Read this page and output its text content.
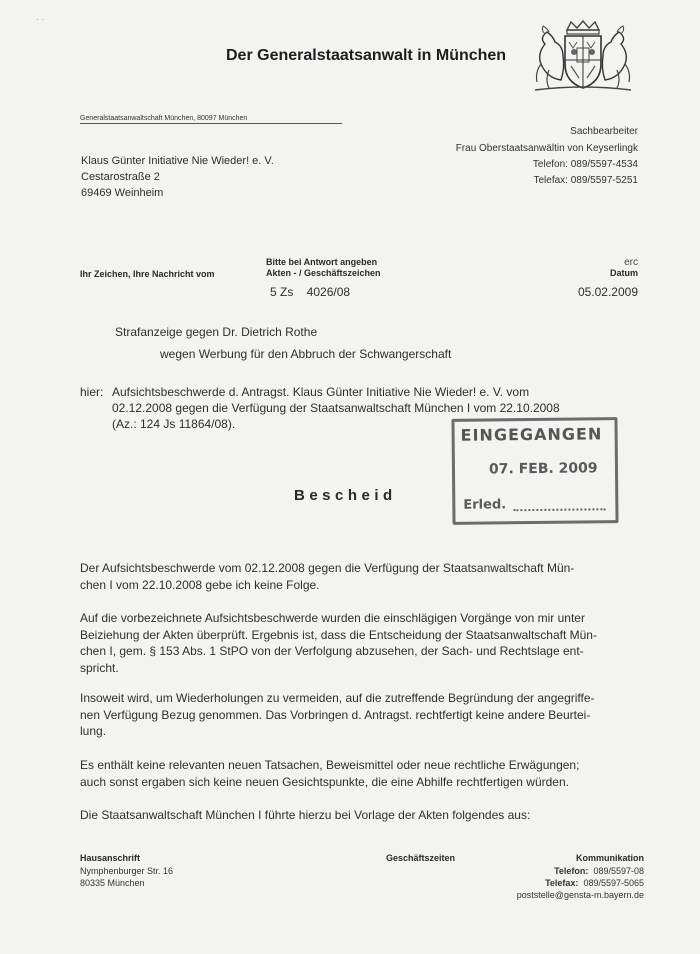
· ·
Der Generalstaatsanwalt in München
Generalstaatsanwaltschaft München, 80097 München
Sachbearbeiter
Frau Oberstaatsanwältin von Keyserlingk
Telefon: 089/5597-4534
Telefax: 089/5597-5251
Klaus Günter Initiative Nie Wieder! e. V.
Cestarostraße 2
69469 Weinheim
Ihr Zeichen, Ihre Nachricht vom
Bitte bei Antwort angeben
Akten - / Geschäftszeichen
5 Zs    4026/08
erc
Datum
05.02.2009
Strafanzeige gegen Dr. Dietrich Rothe
wegen Werbung für den Abbruch der Schwangerschaft
hier: Aufsichtsbeschwerde d. Antragst. Klaus Günter Initiative Nie Wieder! e. V. vom
02.12.2008 gegen die Verfügung der Staatsanwaltschaft München I vom 22.10.2008
(Az.: 124 Js 11864/08).
EINGEGANGEN
07. FEB. 2009
Erled.
Bescheid
Der Aufsichtsbeschwerde vom 02.12.2008 gegen die Verfügung der Staatsanwaltschaft Mün-
chen I vom 22.10.2008 gebe ich keine Folge.
Auf die vorbezeichnete Aufsichtsbeschwerde wurden die einschlägigen Vorgänge von mir unter
Beiziehung der Akten überprüft. Ergebnis ist, dass die Entscheidung der Staatsanwaltschaft Mün-
chen I, gem. § 153 Abs. 1 StPO von der Verfolgung abzusehen, der Sach- und Rechtslage ent-
spricht.
Insoweit wird, um Wiederholungen zu vermeiden, auf die zutreffende Begründung der angegriffe-
nen Verfügung Bezug genommen. Das Vorbringen d. Antragst. rechtfertigt keine andere Beurtei-
lung.
Es enthält keine relevanten neuen Tatsachen, Beweismittel oder neue rechtliche Erwägungen;
auch sonst ergaben sich keine neuen Gesichtspunkte, die eine Abhilfe rechtfertigen würden.
Die Staatsanwaltschaft München I führte hierzu bei Vorlage der Akten folgendes aus:
Hausanschrift
Nymphenburger Str. 16
80335 München
Geschäftszeiten	Kommunikation
Telefon: 089/5597-08
Telefax: 089/5597-5065
poststelle@gensta-m.bayern.de
